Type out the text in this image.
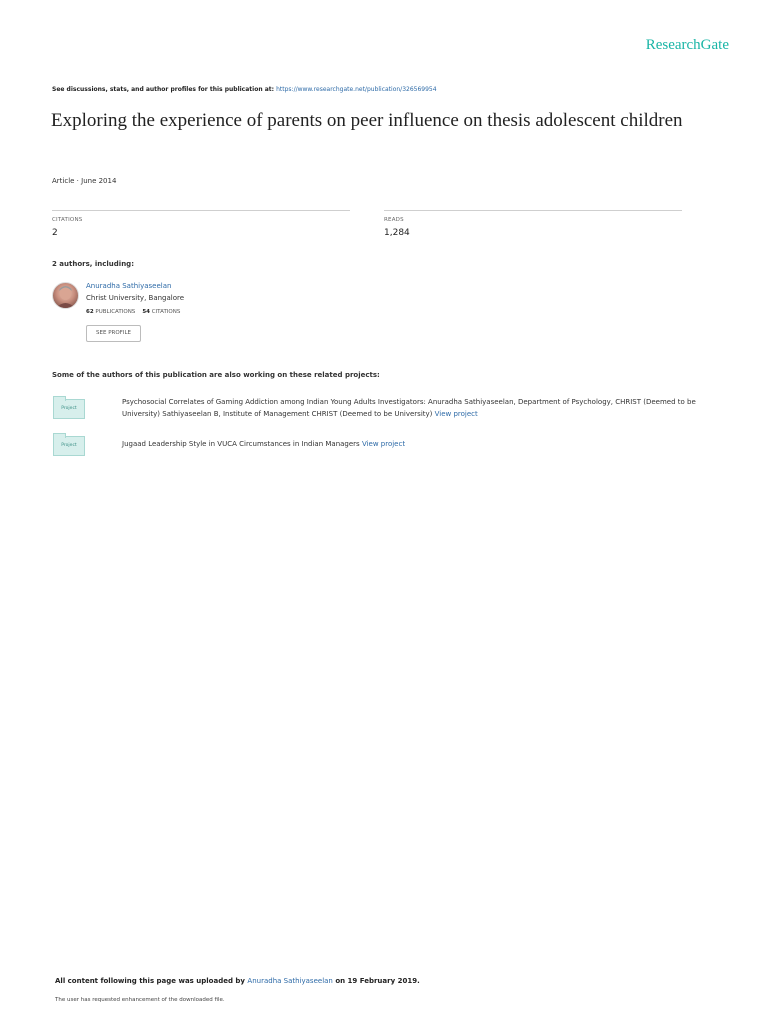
ResearchGate
See discussions, stats, and author profiles for this publication at: https://www.researchgate.net/publication/326569954
Exploring the experience of parents on peer influence on thesis adolescent children
Article · June 2014
CITATIONS
2
READS
1,284
2 authors, including:
Anuradha Sathiyaseelan
Christ University, Bangalore
62 PUBLICATIONS 54 CITATIONS
SEE PROFILE
Some of the authors of this publication are also working on these related projects:
Project
Psychosocial Correlates of Gaming Addiction among Indian Young Adults Investigators: Anuradha Sathiyaseelan, Department of Psychology, CHRIST (Deemed to be University) Sathiyaseelan B, Institute of Management CHRIST (Deemed to be University) View project
Project	Jugaad Leadership Style in VUCA Circumstances in Indian Managers View project
All content following this page was uploaded by Anuradha Sathiyaseelan on 19 February 2019.
The user has requested enhancement of the downloaded file.
